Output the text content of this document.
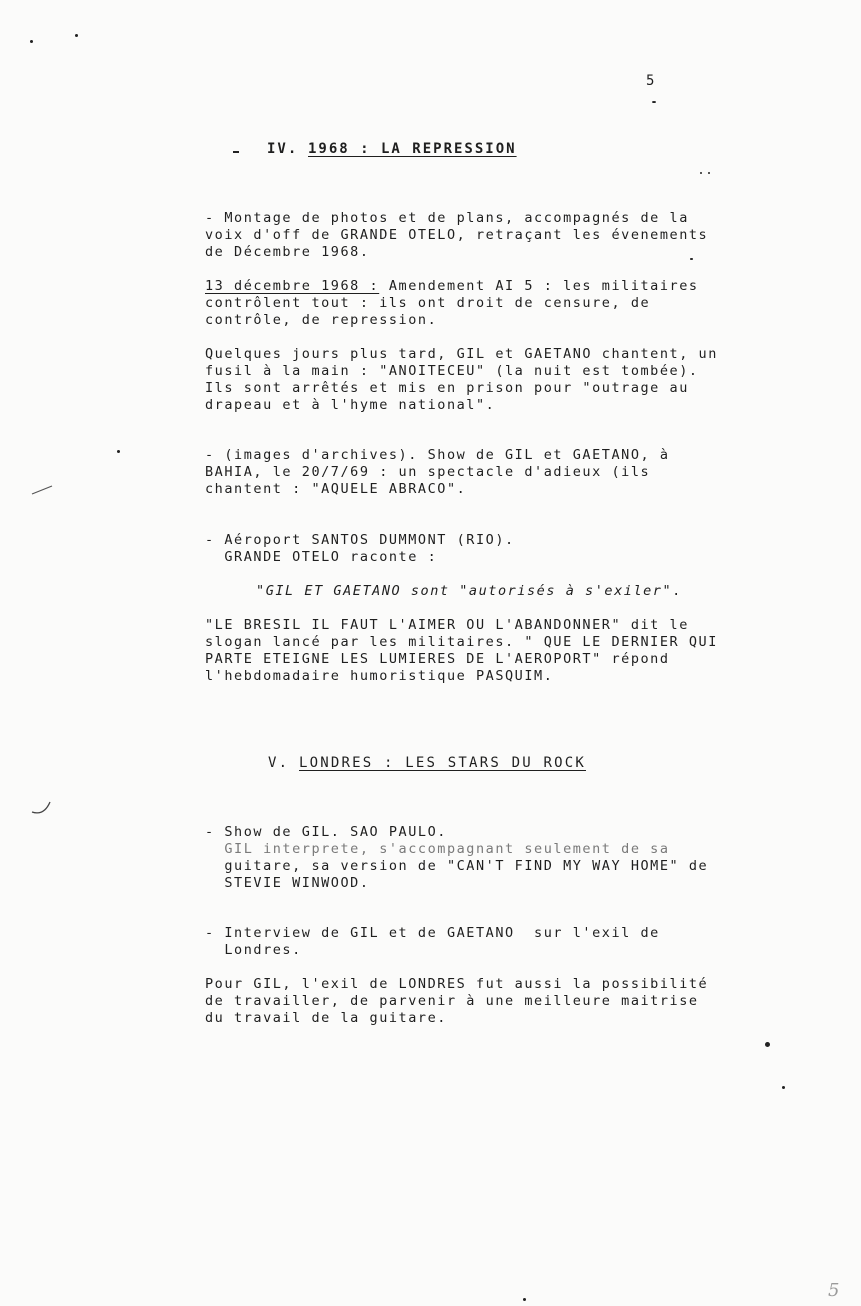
5
IV. 1968 : LA REPRESSION
- Montage de photos et de plans, accompagnés de la
voix d'off de GRANDE OTELO, retraçant les évenements
de Décembre 1968.
13 décembre 1968 : Amendement AI 5 : les militaires
contrôlent tout : ils ont droit de censure, de
contrôle, de repression.
Quelques jours plus tard, GIL et GAETANO chantent, un
fusil à la main : "ANOITECEU" (la nuit est tombée).
Ils sont arrêtés et mis en prison pour "outrage au
drapeau et à l'hyme national".
- (images d'archives). Show de GIL et GAETANO, à
BAHIA, le 20/7/69 : un spectacle d'adieux (ils
chantent : "AQUELE ABRACO".
- Aéroport SANTOS DUMMONT (RIO).
GRANDE OTELO raconte :
"GIL ET GAETANO sont "autorisés à s'exiler".
"LE BRESIL IL FAUT L'AIMER OU L'ABANDONNER" dit le
slogan lancé par les militaires. " QUE LE DERNIER QUI
PARTE ETEIGNE LES LUMIERES DE L'AEROPORT" répond
l'hebdomadaire humoristique PASQUIM.
V. LONDRES : LES STARS DU ROCK
- Show de GIL. SAO PAULO.
GIL interprete, s'accompagnant seulement de sa
guitare, sa version de "CAN'T FIND MY WAY HOME" de
STEVIE WINWOOD.
- Interview de GIL et de GAETANO  sur l'exil de
Londres.
Pour GIL, l'exil de LONDRES fut aussi la possibilité
de travailler, de parvenir à une meilleure maitrise
du travail de la guitare.
5
